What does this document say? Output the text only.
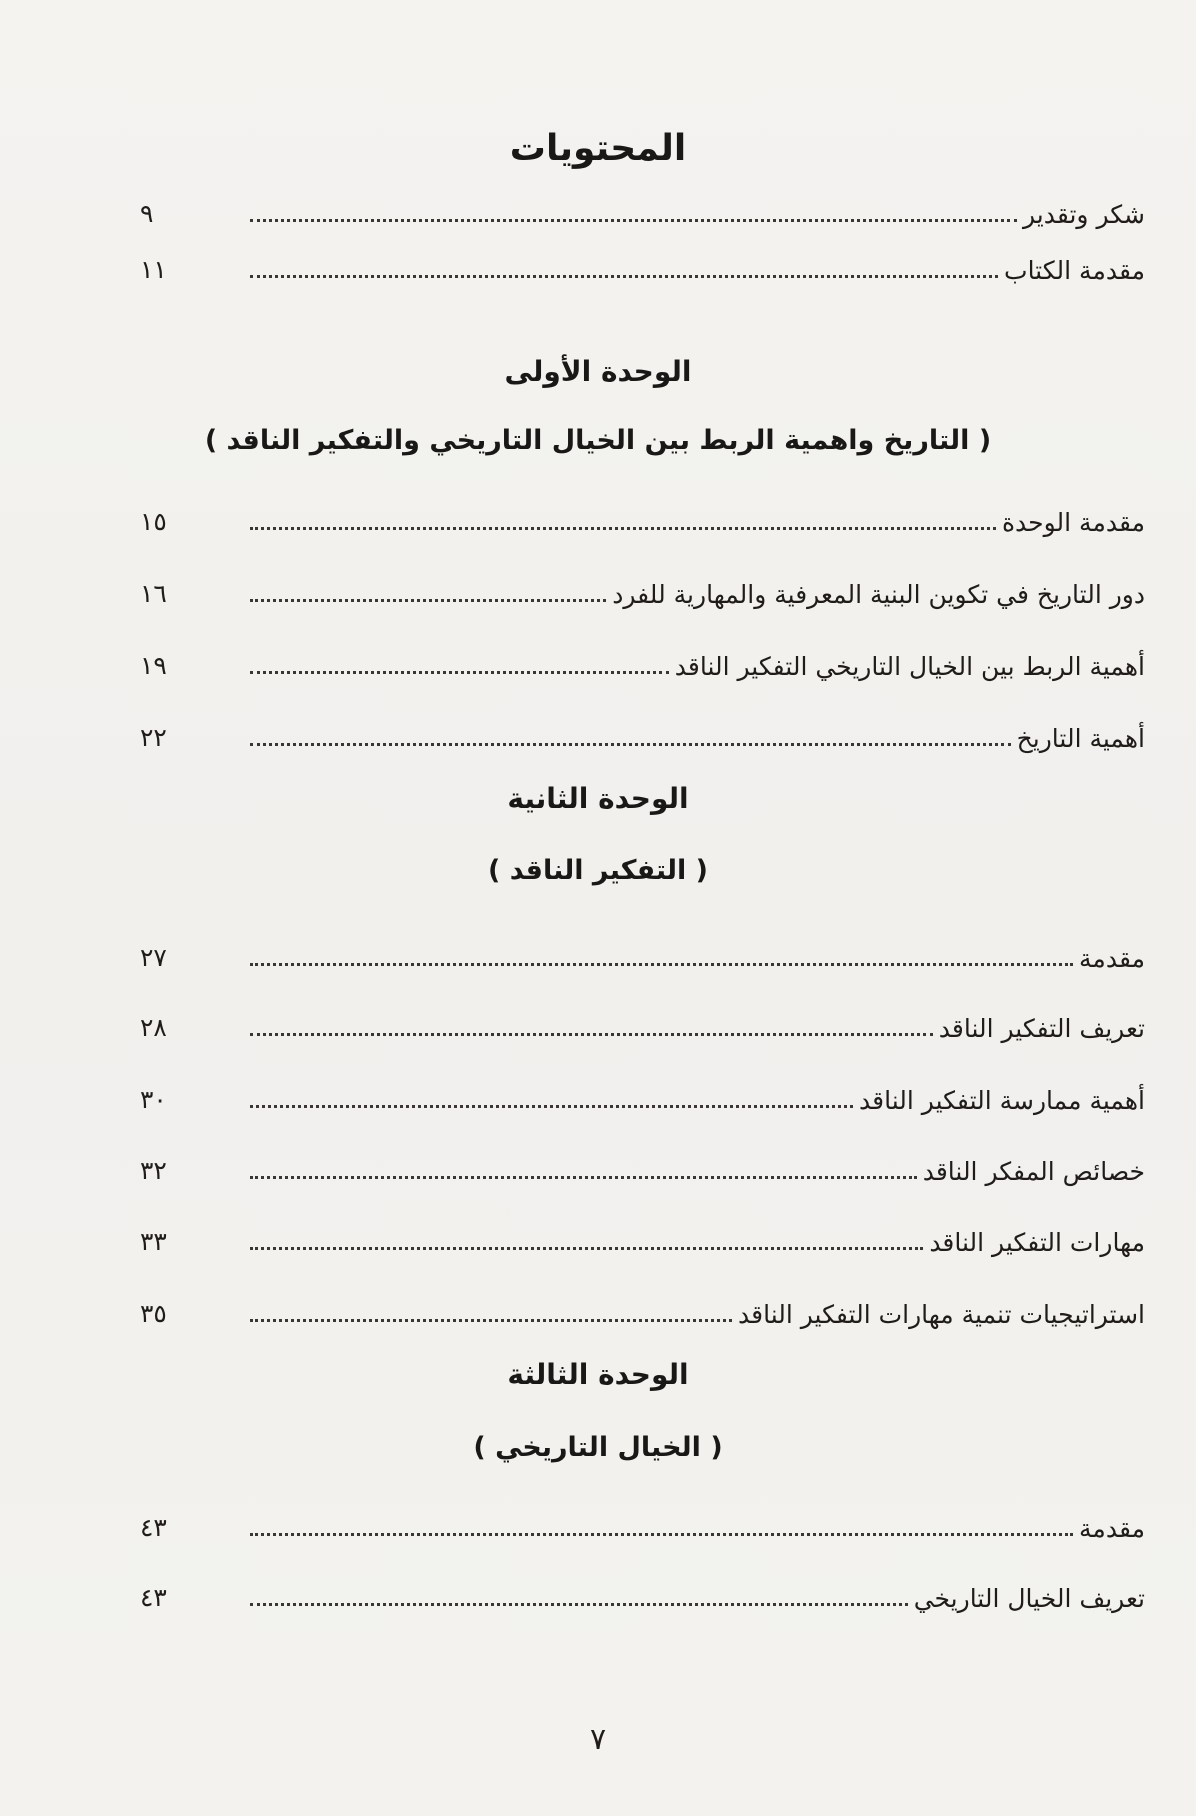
المحتويات
شكر وتقدير
٩
مقدمة الكتاب
١١
الوحدة الأولى
( التاريخ واهمية الربط بين الخيال التاريخي والتفكير الناقد )
مقدمة الوحدة
١٥
دور التاريخ في تكوين البنية المعرفية والمهارية للفرد
١٦
أهمية الربط بين الخيال التاريخي التفكير الناقد
١٩
أهمية التاريخ
٢٢
الوحدة الثانية
( التفكير الناقد )
مقدمة
٢٧
تعريف التفكير الناقد
٢٨
أهمية ممارسة التفكير الناقد
٣٠
خصائص المفكر الناقد
٣٢
مهارات التفكير الناقد
٣٣
استراتيجيات تنمية مهارات التفكير الناقد
٣٥
الوحدة الثالثة
( الخيال التاريخي )
مقدمة
٤٣
تعريف الخيال التاريخي
٤٣
٧
